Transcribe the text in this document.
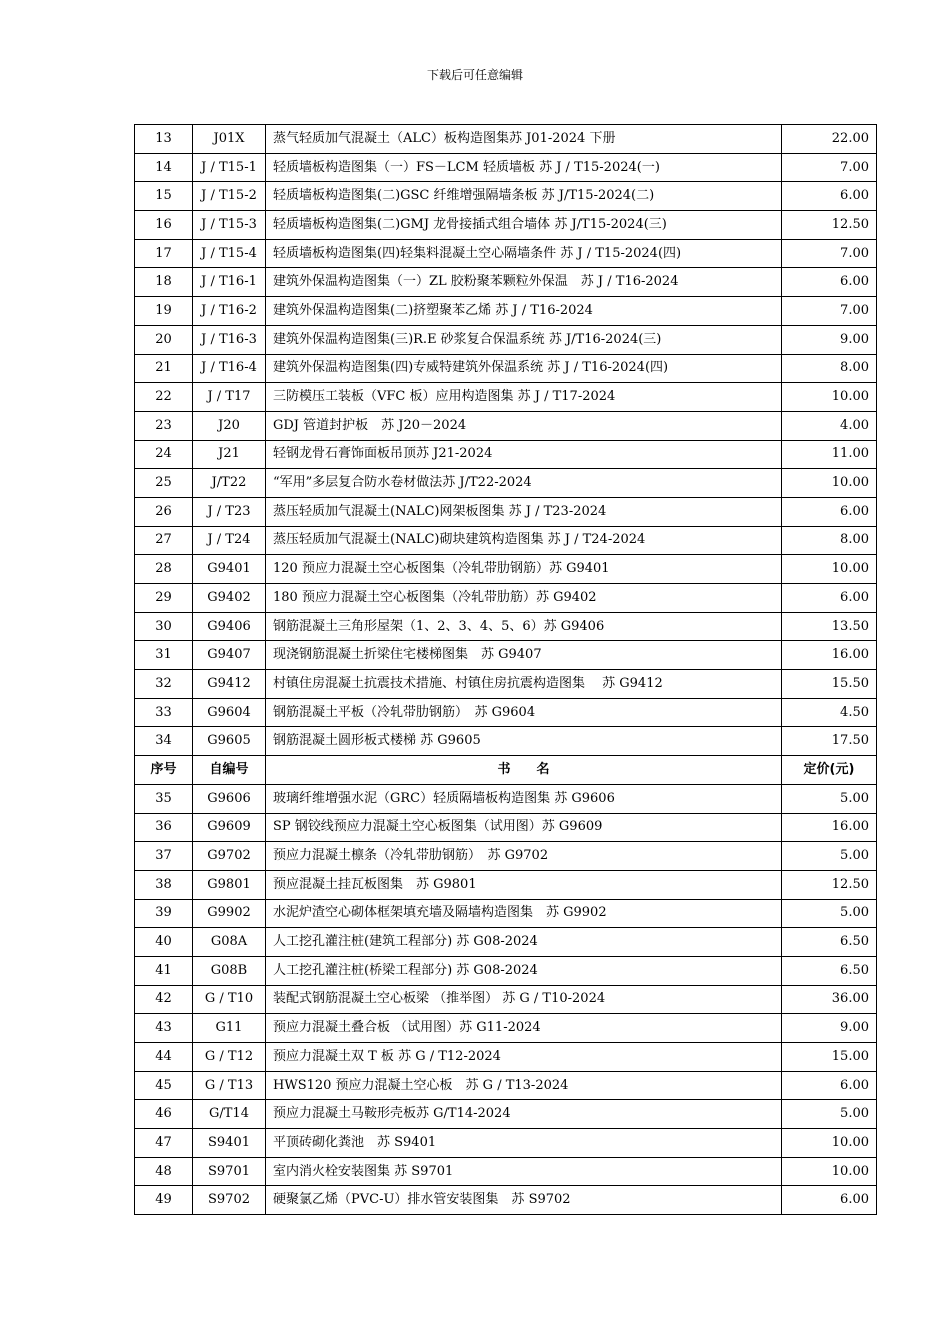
下载后可任意编辑
13	J01X	蒸气轻质加气混凝土（ALC）板构造图集苏 J01-2024 下册	22.00
14	J / T15-1	轻质墙板构造图集（一）FS－LCM 轻质墙板 苏 J / T15-2024(一)	7.00
15	J / T15-2	轻质墙板构造图集(二)GSC 纤维增强隔墙条板 苏 J/T15-2024(二)	6.00
16	J / T15-3	轻质墙板构造图集(二)GMJ 龙骨接插式组合墙体 苏 J/T15-2024(三)	12.50
17	J / T15-4	轻质墙板构造图集(四)轻集料混凝土空心隔墙条件 苏 J / T15-2024(四)	7.00
18	J / T16-1	建筑外保温构造图集（一）ZL 胶粉聚苯颗粒外保温　苏 J / T16-2024	6.00
19	J / T16-2	建筑外保温构造图集(二)挤塑聚苯乙烯 苏 J / T16-2024	7.00
20	J / T16-3	建筑外保温构造图集(三)R.E 砂浆复合保温系统 苏 J/T16-2024(三)	9.00
21	J / T16-4	建筑外保温构造图集(四)专威特建筑外保温系统 苏 J / T16-2024(四)	8.00
22	J / T17	三防模压工装板（VFC 板）应用构造图集 苏 J / T17-2024	10.00
23	J20	GDJ 管道封护板　苏 J20－2024	4.00
24	J21	轻钢龙骨石膏饰面板吊顶苏 J21-2024	11.00
25	J/T22	“军用”多层复合防水卷材做法苏 J/T22-2024	10.00
26	J / T23	蒸压轻质加气混凝土(NALC)网架板图集 苏 J / T23-2024	6.00
27	J / T24	蒸压轻质加气混凝土(NALC)砌块建筑构造图集 苏 J / T24-2024	8.00
28	G9401	120 预应力混凝土空心板图集（冷轧带肋钢筋）苏 G9401	10.00
29	G9402	180 预应力混凝土空心板图集（冷轧带肋筋）苏 G9402	6.00
30	G9406	钢筋混凝土三角形屋架（1、2、3、4、5、6）苏 G9406	13.50
31	G9407	现浇钢筋混凝土折梁住宅楼梯图集　苏 G9407	16.00
32	G9412	村镇住房混凝土抗震技术措施、村镇住房抗震构造图集　 苏 G9412	15.50
33	G9604	钢筋混凝土平板（冷轧带肋钢筋）　苏 G9604	4.50
34	G9605	钢筋混凝土圆形板式楼梯 苏 G9605	17.50
序号	自编号	书　　名	定价(元)
35	G9606	玻璃纤维增强水泥（GRC）轻质隔墙板构造图集 苏 G9606	5.00
36	G9609	SP 钢铰线预应力混凝土空心板图集（试用图）苏 G9609	16.00
37	G9702	预应力混凝土檩条（冷轧带肋钢筋）　苏 G9702	5.00
38	G9801	预应混凝土挂瓦板图集　苏 G9801	12.50
39	G9902	水泥炉渣空心砌体框架填充墙及隔墙构造图集　苏 G9902	5.00
40	G08A	人工挖孔灌注桩(建筑工程部分) 苏 G08-2024	6.50
41	G08B	人工挖孔灌注桩(桥梁工程部分) 苏 G08-2024	6.50
42	G / T10	装配式钢筋混凝土空心板梁 （推举图） 苏 G / T10-2024	36.00
43	G11	预应力混凝土叠合板 （试用图）苏 G11-2024	9.00
44	G / T12	预应力混凝土双 T 板 苏 G / T12-2024	15.00
45	G / T13	HWS120 预应力混凝土空心板　苏 G / T13-2024	6.00
46	G/T14	预应力混凝土马鞍形壳板苏 G/T14-2024	5.00
47	S9401	平顶砖砌化粪池　苏 S9401	10.00
48	S9701	室内消火栓安装图集 苏 S9701	10.00
49	S9702	硬聚氯乙烯（PVC-U）排水管安装图集　苏 S9702	6.00
